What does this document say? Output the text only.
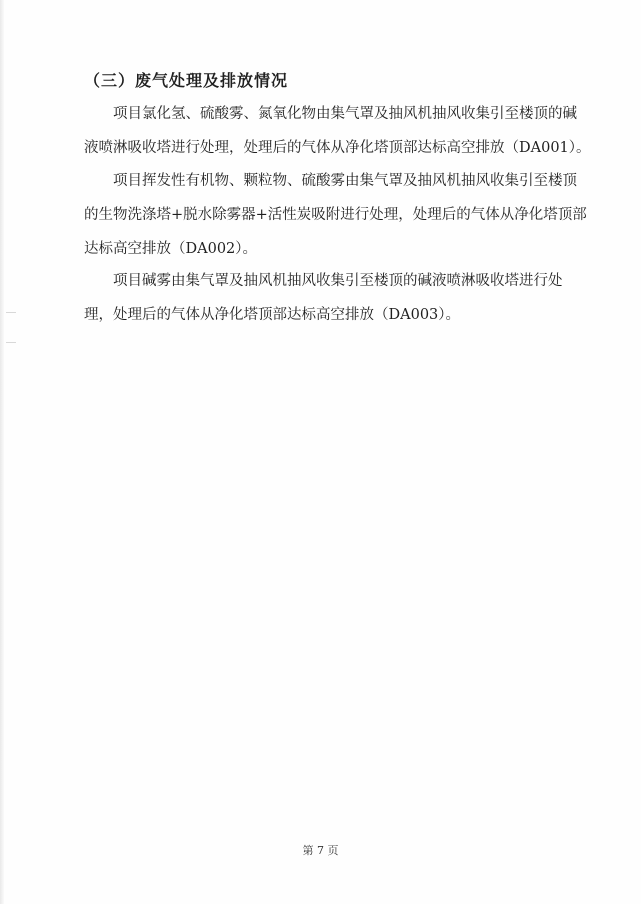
（三）废气处理及排放情况
项目氯化氢、硫酸雾、氮氧化物由集气罩及抽风机抽风收集引至楼顶的碱
液喷淋吸收塔进行处理，处理后的气体从净化塔顶部达标高空排放（DA001）。
项目挥发性有机物、颗粒物、硫酸雾由集气罩及抽风机抽风收集引至楼顶
的生物洗涤塔+脱水除雾器+活性炭吸附进行处理，处理后的气体从净化塔顶部
达标高空排放（DA002）。
项目碱雾由集气罩及抽风机抽风收集引至楼顶的碱液喷淋吸收塔进行处
理，处理后的气体从净化塔顶部达标高空排放（DA003）。
第 7 页
